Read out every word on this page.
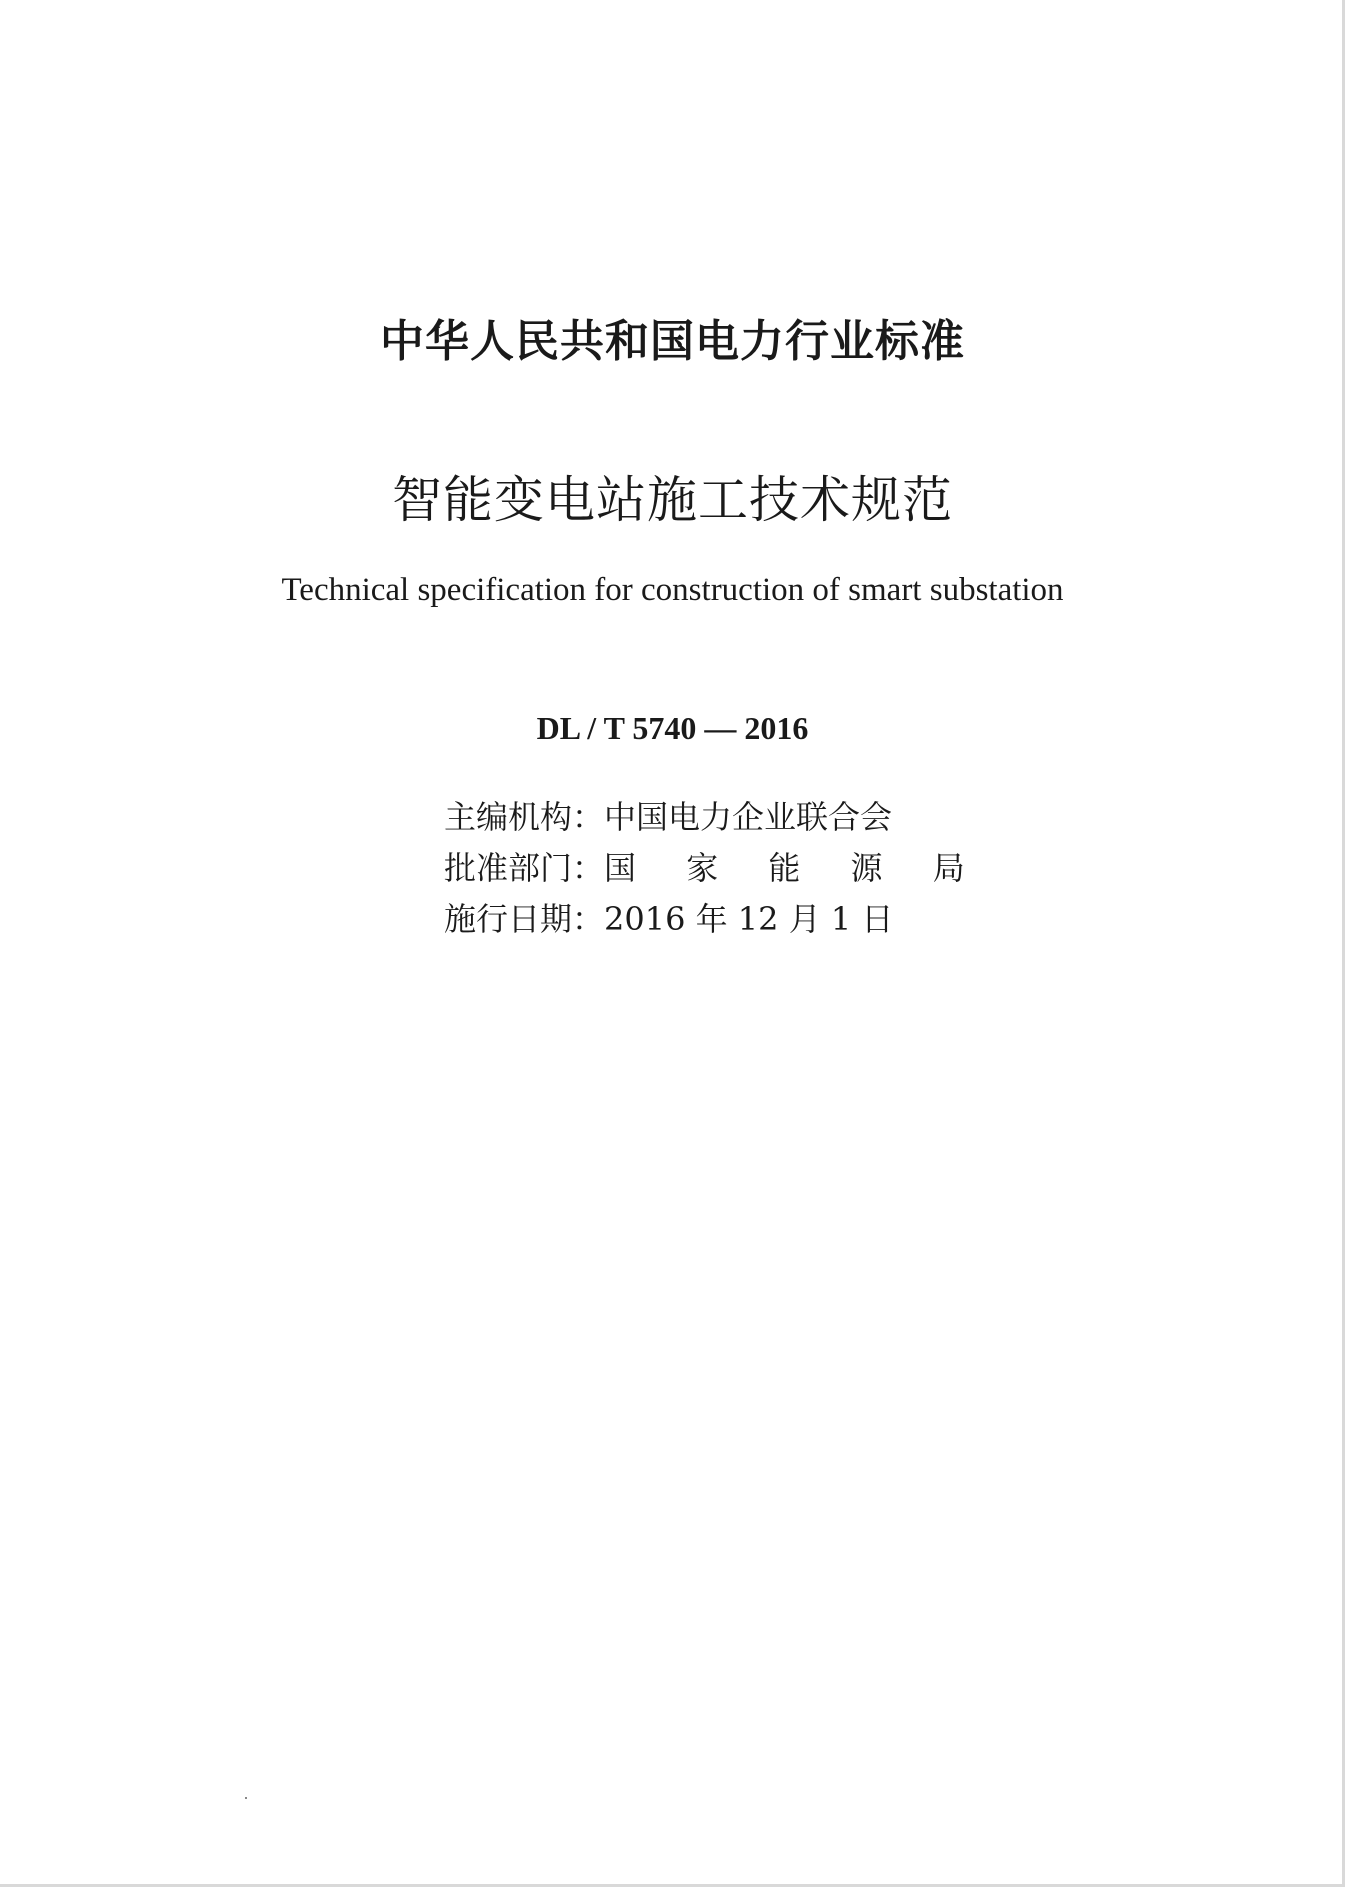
中华人民共和国电力行业标准
智能变电站施工技术规范
Technical specification for construction of smart substation
DL / T 5740 — 2016
主编机构：中国电力企业联合会
批准部门：国 家 能 源 局
施行日期：2016 年 12 月 1 日
